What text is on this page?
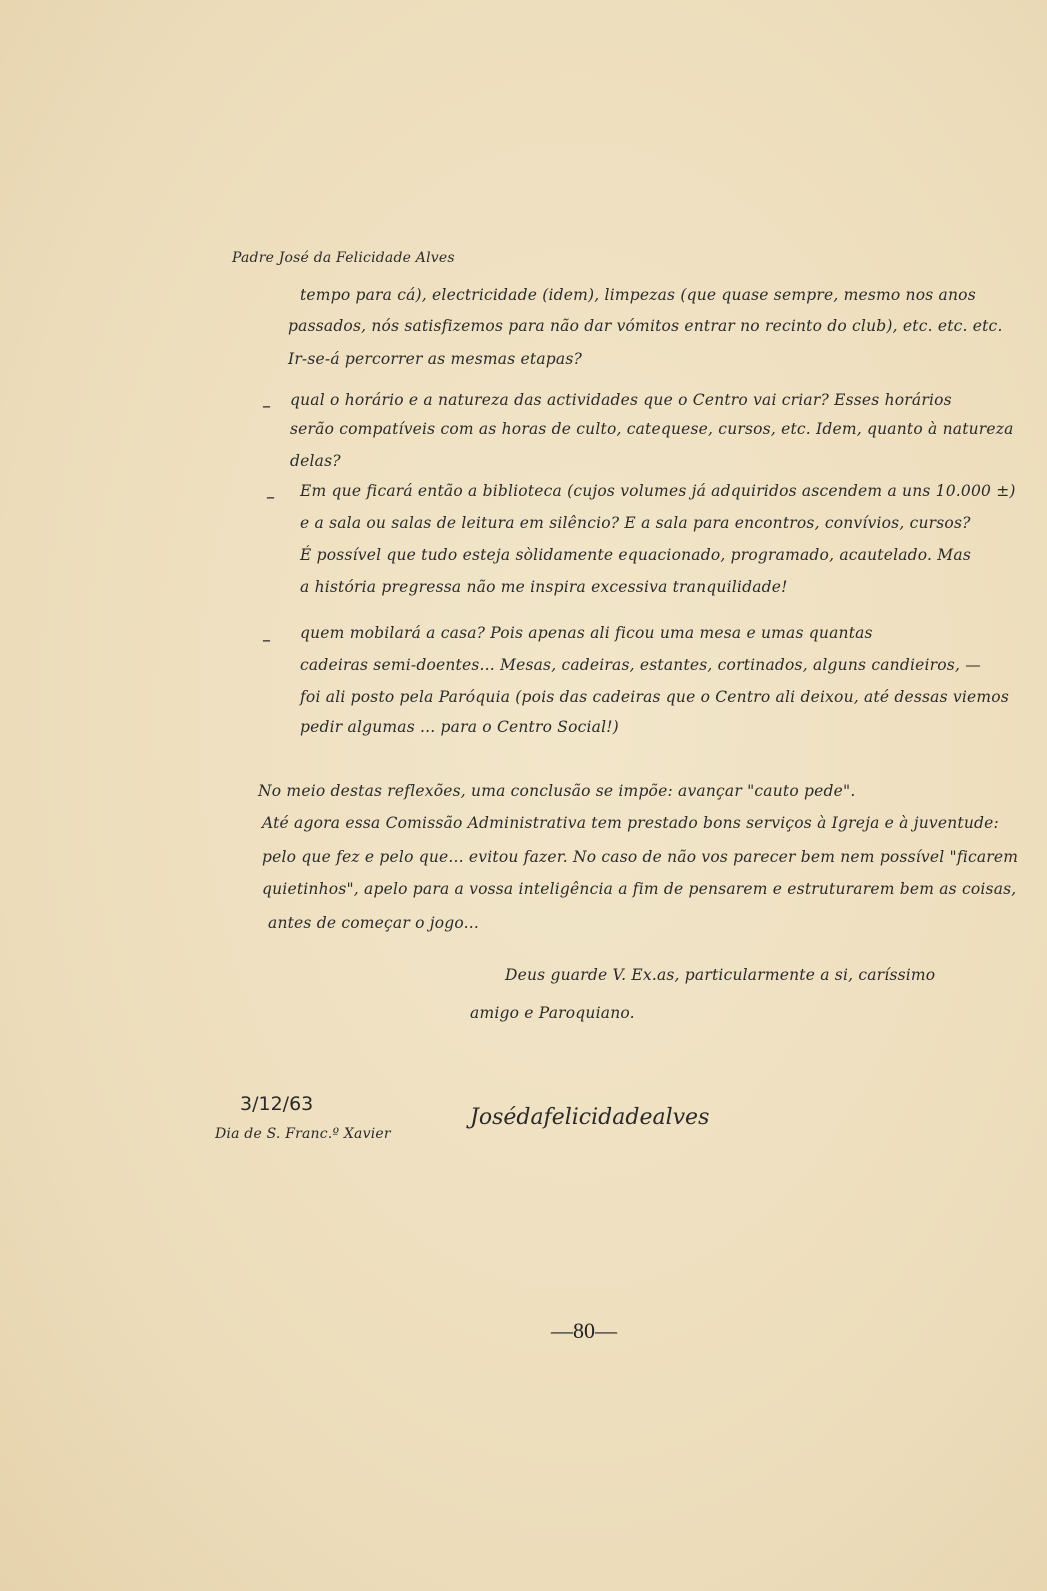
Padre José da Felicidade Alves
tempo para cá), electricidade (idem), limpezas (que quase sempre, mesmo nos anos
passados, nós satisfizemos para não dar vómitos entrar no recinto do club), etc. etc. etc.
Ir-se-á percorrer as mesmas etapas?
– qual o horário e a natureza das actividades que o Centro vai criar? Esses horários
serão compatíveis com as horas de culto, catequese, cursos, etc. Idem, quanto à natureza
delas?
– Em que ficará então a biblioteca (cujos volumes já adquiridos ascendem a uns 10.000 ±)
e a sala ou salas de leitura em silêncio? E a sala para encontros, convívios, cursos?
É possível que tudo esteja sòlidamente equacionado, programado, acautelado. Mas
a história pregressa não me inspira excessiva tranquilidade!
– quem mobilará a casa? Pois apenas ali ficou uma mesa e umas quantas
cadeiras semi-doentes... Mesas, cadeiras, estantes, cortinados, alguns candieiros, —
foi ali posto pela Paróquia (pois das cadeiras que o Centro ali deixou, até dessas viemos
pedir algumas ... para o Centro Social!)
No meio destas reflexões, uma conclusão se impõe: avançar "cauto pede".
Até agora essa Comissão Administrativa tem prestado bons serviços à Igreja e à juventude:
pelo que fez e pelo que... evitou fazer. No caso de não vos parecer bem nem possível "ficarem
quietinhos", apelo para a vossa inteligência a fim de pensarem e estruturarem bem as coisas,
antes de começar o jogo...
Deus guarde V. Ex.as, particularmente a si, caríssimo
amigo e Paroquiano.
3/12/63
Dia de S. Franc.º Xavier
Josédafelicidadealves
—80—
